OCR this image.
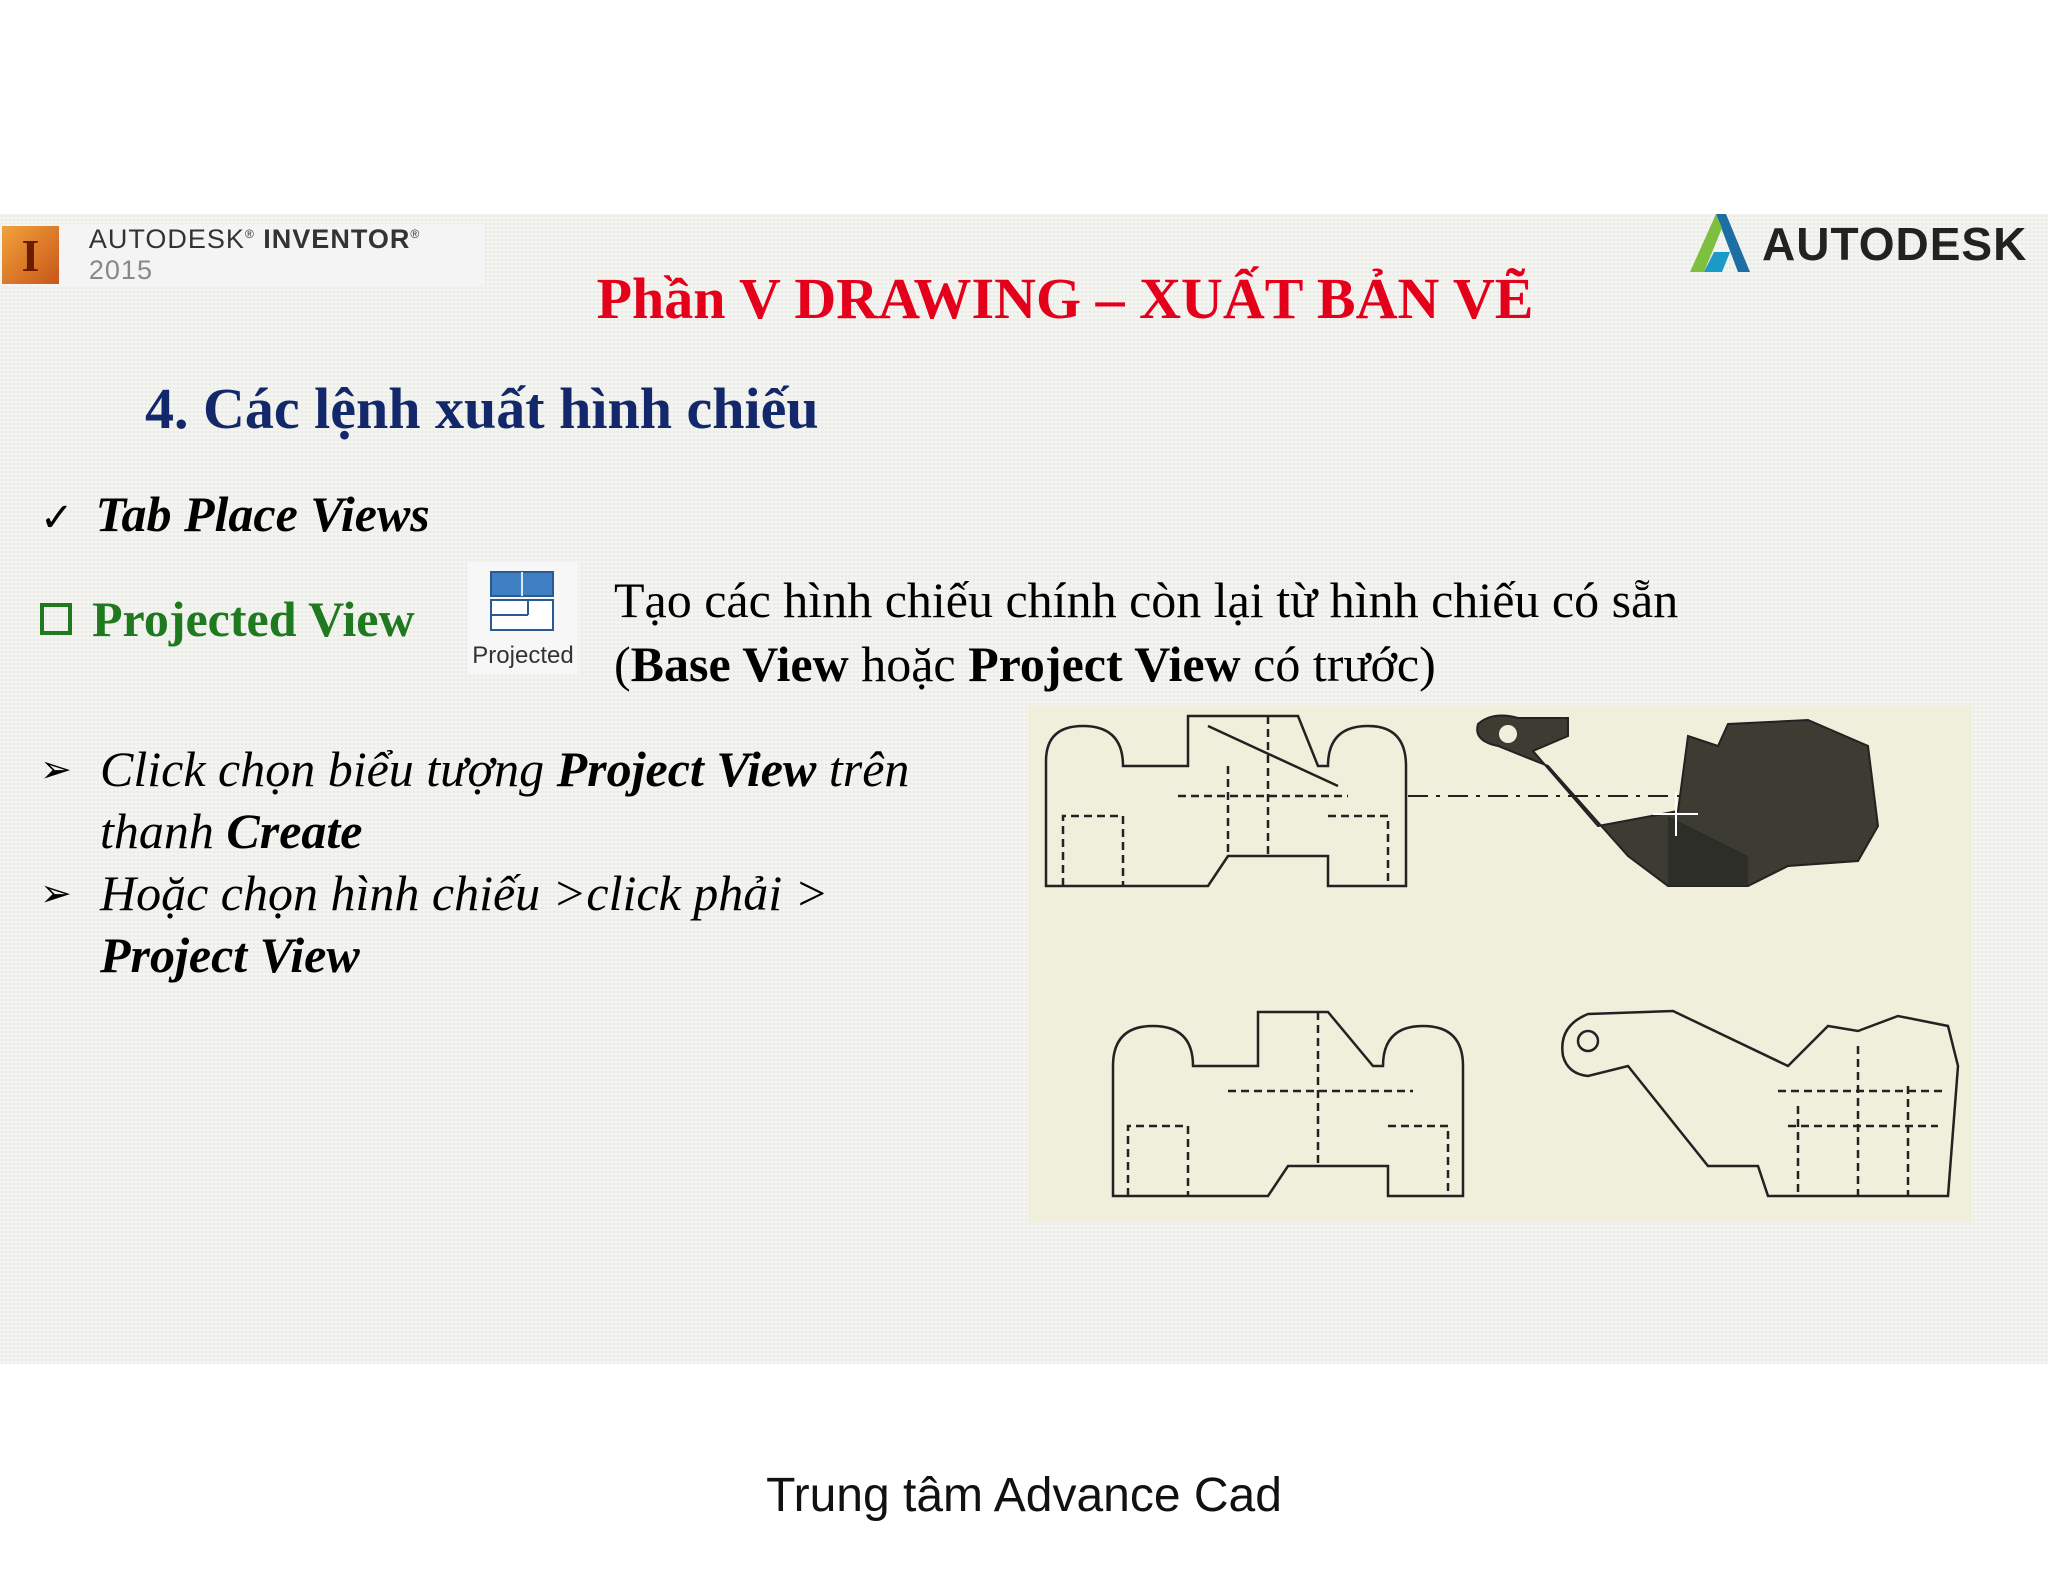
I	AUTODESK® INVENTOR® 2015	AUTODESK
Phần V DRAWING – XUẤT BẢN VẼ
4. Các lệnh xuất hình chiếu
✓ Tab Place Views
Projected View
Projected
Tạo các hình chiếu chính còn lại từ hình chiếu có sẵn
(Base View hoặc Project View có trước)
➢ Click chọn biểu tượng Project View trên
thanh Create
➢ Hoặc chọn hình chiếu >click phải >
Project View
Trung tâm Advance Cad
